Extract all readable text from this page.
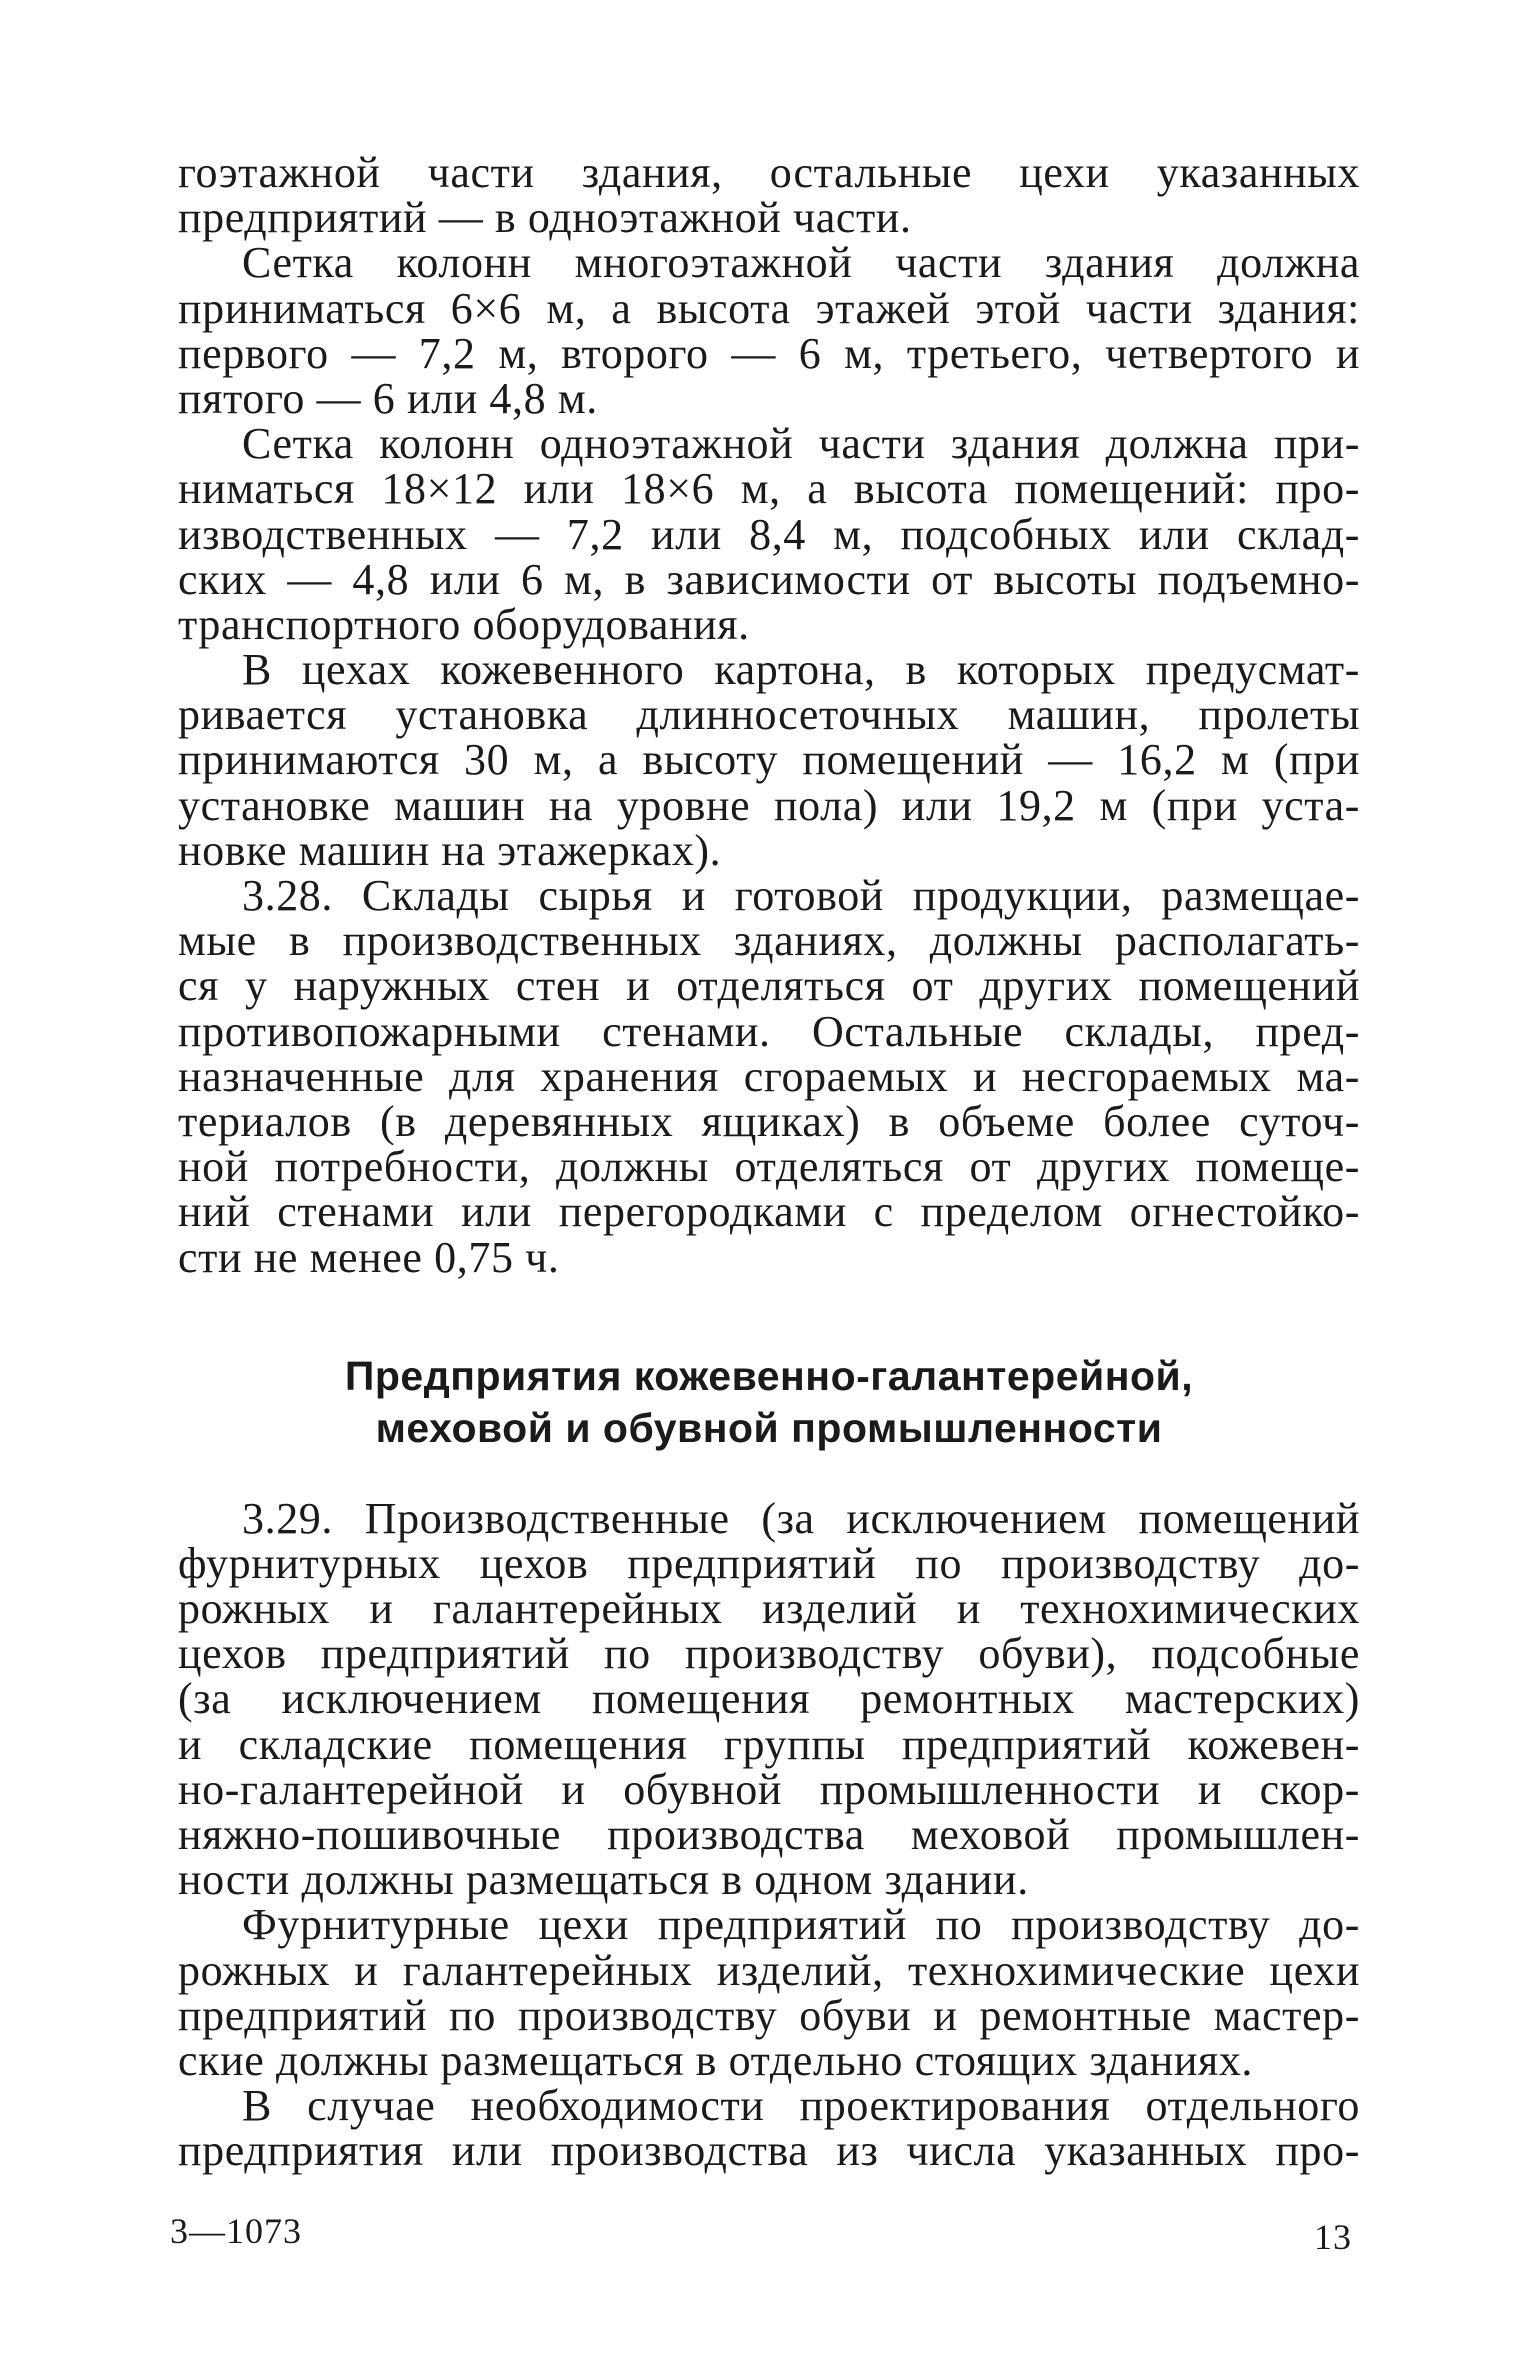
гоэтажной части здания, остальные цехи указанных
предприятий — в одноэтажной части.
Сетка колонн многоэтажной части здания должна
приниматься 6×6 м, а высота этажей этой части здания:
первого — 7,2 м, второго — 6 м, третьего, четвертого и
пятого — 6 или 4,8 м.
Сетка колонн одноэтажной части здания должна при-
ниматься 18×12 или 18×6 м, а высота помещений: про-
изводственных — 7,2 или 8,4 м, подсобных или склад-
ских — 4,8 или 6 м, в зависимости от высоты подъемно-
транспортного оборудования.
В цехах кожевенного картона, в которых предусмат-
ривается установка длинносеточных машин, пролеты
принимаются 30 м, а высоту помещений — 16,2 м (при
установке машин на уровне пола) или 19,2 м (при уста-
новке машин на этажерках).
3.28. Склады сырья и готовой продукции, размещае-
мые в производственных зданиях, должны располагать-
ся у наружных стен и отделяться от других помещений
противопожарными стенами. Остальные склады, пред-
назначенные для хранения сгораемых и несгораемых ма-
териалов (в деревянных ящиках) в объеме более суточ-
ной потребности, должны отделяться от других помеще-
ний стенами или перегородками с пределом огнестойко-
сти не менее 0,75 ч.
Предприятия кожевенно-галантерейной,
меховой и обувной промышленности
3.29. Производственные (за исключением помещений
фурнитурных цехов предприятий по производству до-
рожных и галантерейных изделий и технохимических
цехов предприятий по производству обуви), подсобные
(за исключением помещения ремонтных мастерских)
и складские помещения группы предприятий кожевен-
но-галантерейной и обувной промышленности и скор-
няжно-пошивочные производства меховой промышлен-
ности должны размещаться в одном здании.
Фурнитурные цехи предприятий по производству до-
рожных и галантерейных изделий, технохимические цехи
предприятий по производству обуви и ремонтные мастер-
ские должны размещаться в отдельно стоящих зданиях.
В случае необходимости проектирования отдельного
предприятия или производства из числа указанных про-
3—1073	13
